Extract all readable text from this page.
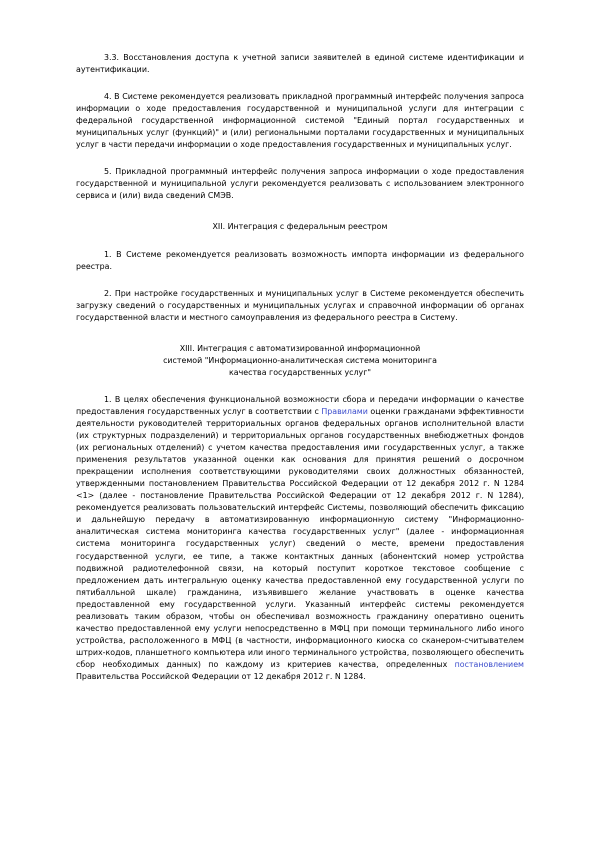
3.3. Восстановления доступа к учетной записи заявителей в единой системе идентификации и аутентификации.

4. В Системе рекомендуется реализовать прикладной программный интерфейс получения запроса информации о ходе предоставления государственной и муниципальной услуги для интеграции с федеральной государственной информационной системой "Единый портал государственных и муниципальных услуг (функций)" и (или) региональными порталами государственных и муниципальных услуг в части передачи информации о ходе предоставления государственных и муниципальных услуг.

5. Прикладной программный интерфейс получения запроса информации о ходе предоставления государственной и муниципальной услуги рекомендуется реализовать с использованием электронного сервиса и (или) вида сведений СМЭВ.

XII. Интеграция с федеральным реестром

1. В Системе рекомендуется реализовать возможность импорта информации из федерального реестра.

2. При настройке государственных и муниципальных услуг в Системе рекомендуется обеспечить загрузку сведений о государственных и муниципальных услугах и справочной информации об органах государственной власти и местного самоуправления из федерального реестра в Систему.

XIII. Интеграция с автоматизированной информационной
системой "Информационно-аналитическая система мониторинга
качества государственных услуг"

1. В целях обеспечения функциональной возможности сбора и передачи информации о качестве предоставления государственных услуг в соответствии с Правилами оценки гражданами эффективности деятельности руководителей территориальных органов федеральных органов исполнительной власти (их структурных подразделений) и территориальных органов государственных внебюджетных фондов (их региональных отделений) с учетом качества предоставления ими государственных услуг, а также применения результатов указанной оценки как основания для принятия решений о досрочном прекращении исполнения соответствующими руководителями своих должностных обязанностей, утвержденными постановлением Правительства Российской Федерации от 12 декабря 2012 г. N 1284 <1> (далее - постановление Правительства Российской Федерации от 12 декабря 2012 г. N 1284), рекомендуется реализовать пользовательский интерфейс Системы, позволяющий обеспечить фиксацию и дальнейшую передачу в автоматизированную информационную систему "Информационно-аналитическая система мониторинга качества государственных услуг" (далее - информационная система мониторинга государственных услуг) сведений о месте, времени предоставления государственной услуги, ее типе, а также контактных данных (абонентский номер устройства подвижной радиотелефонной связи, на который поступит короткое текстовое сообщение с предложением дать интегральную оценку качества предоставленной ему государственной услуги по пятибалльной шкале) гражданина, изъявившего желание участвовать в оценке качества предоставленной ему государственной услуги. Указанный интерфейс системы рекомендуется реализовать таким образом, чтобы он обеспечивал возможность гражданину оперативно оценить качество предоставленной ему услуги непосредственно в МФЦ при помощи терминального либо иного устройства, расположенного в МФЦ (в частности, информационного киоска со сканером-считывателем штрих-кодов, планшетного компьютера или иного терминального устройства, позволяющего обеспечить сбор необходимых данных) по каждому из критериев качества, определенных постановлением Правительства Российской Федерации от 12 декабря 2012 г. N 1284.
